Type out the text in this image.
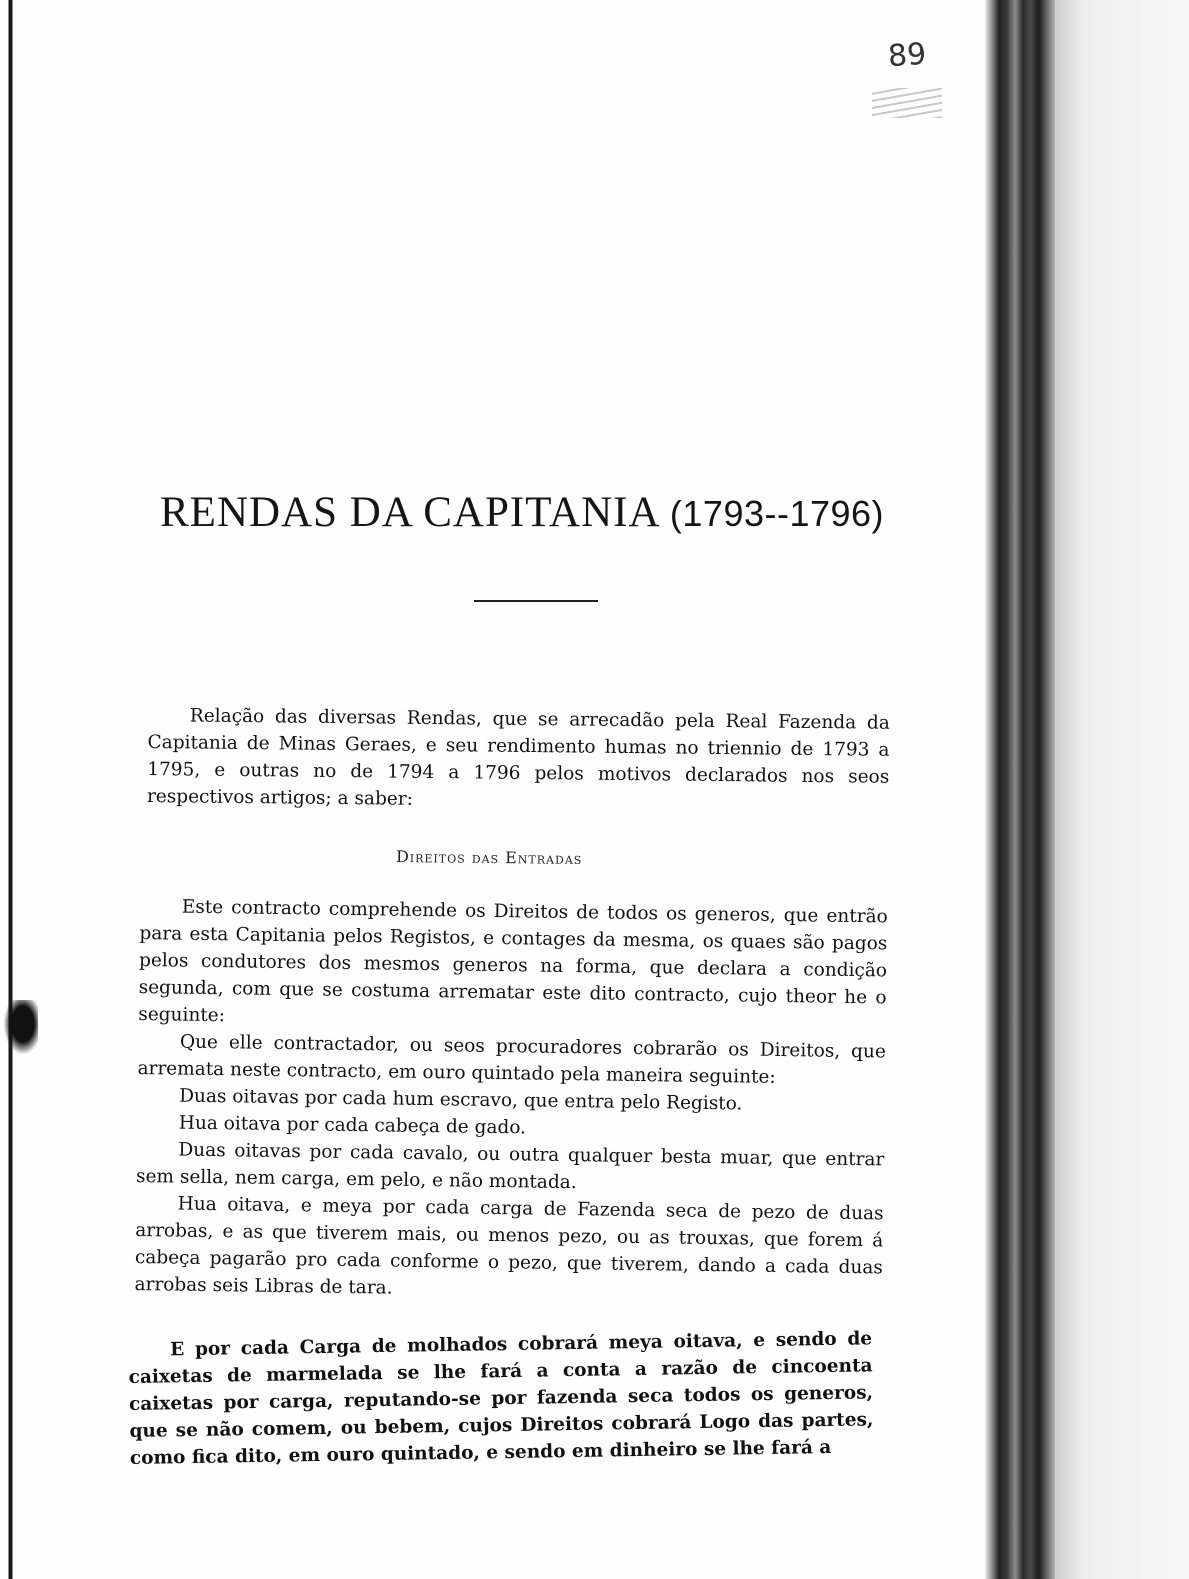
89
RENDAS DA CAPITANIA (1793--1796)

Relação das diversas Rendas, que se arrecadão pela Real Fazenda da Capitania de Minas Geraes, e seu rendimento humas no triennio de 1793 a 1795, e outras no de 1794 a 1796 pelos motivos declarados nos seos respectivos artigos; a saber:

Direitos das Entradas

Este contracto comprehende os Direitos de todos os generos, que entrão para esta Capitania pelos Registos, e contages da mesma, os quaes são pagos pelos condutores dos mesmos generos na forma, que declara a condição segunda, com que se costuma arrematar este dito contracto, cujo theor he o seguinte:

Que elle contractador, ou seos procuradores cobrarão os Direitos, que arremata neste contracto, em ouro quintado pela maneira seguinte:

Duas oitavas por cada hum escravo, que entra pelo Registo.

Hua oitava por cada cabeça de gado.

Duas oitavas por cada cavalo, ou outra qualquer besta muar, que entrar sem sella, nem carga, em pelo, e não montada.

Hua oitava, e meya por cada carga de Fazenda seca de pezo de duas arrobas, e as que tiverem mais, ou menos pezo, ou as trouxas, que forem á cabeça pagarão pro cada conforme o pezo, que tiverem, dando a cada duas arrobas seis Libras de tara.

E por cada Carga de molhados cobrará meya oitava, e sendo de caixetas de marmelada se lhe fará a conta a razão de cincoenta caixetas por carga, reputando-se por fazenda seca todos os generos, que se não comem, ou bebem, cujos Direitos cobrará Logo das partes, como fica dito, em ouro quintado, e sendo em dinheiro se lhe fará a
